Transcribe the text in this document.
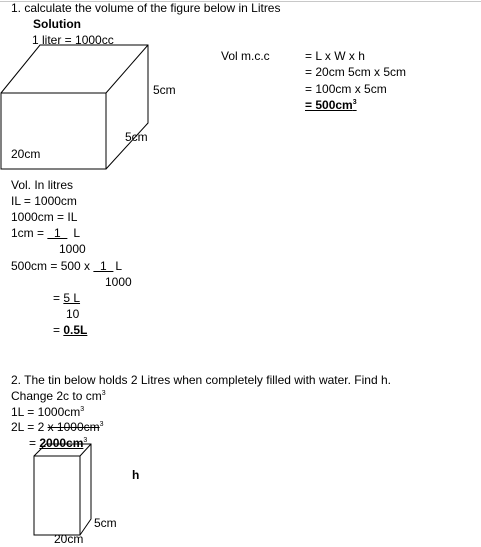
1. calculate the volume of the figure below in Litres
Solution
1 liter = 1000cc
5cm
5cm
20cm
Vol m.c.c	= L x W x h
= 20cm 5cm x 5cm
= 100cm x 5cm
= $500cm^3$
Vol. In litres
IL = 1000cm
1000cm = IL
1cm =   1  L
1000
500cm = 500 x   1  L
1000
= 5 L
10
= 0.5L
2. The tin below holds 2 Litres when completely filled with water. Find h.
Change 2c to $cm^3$
$1L = 1000cm^3$
2L = 2 x $1000cm^3$
= $2000cm^3$
h
5cm
20cm
